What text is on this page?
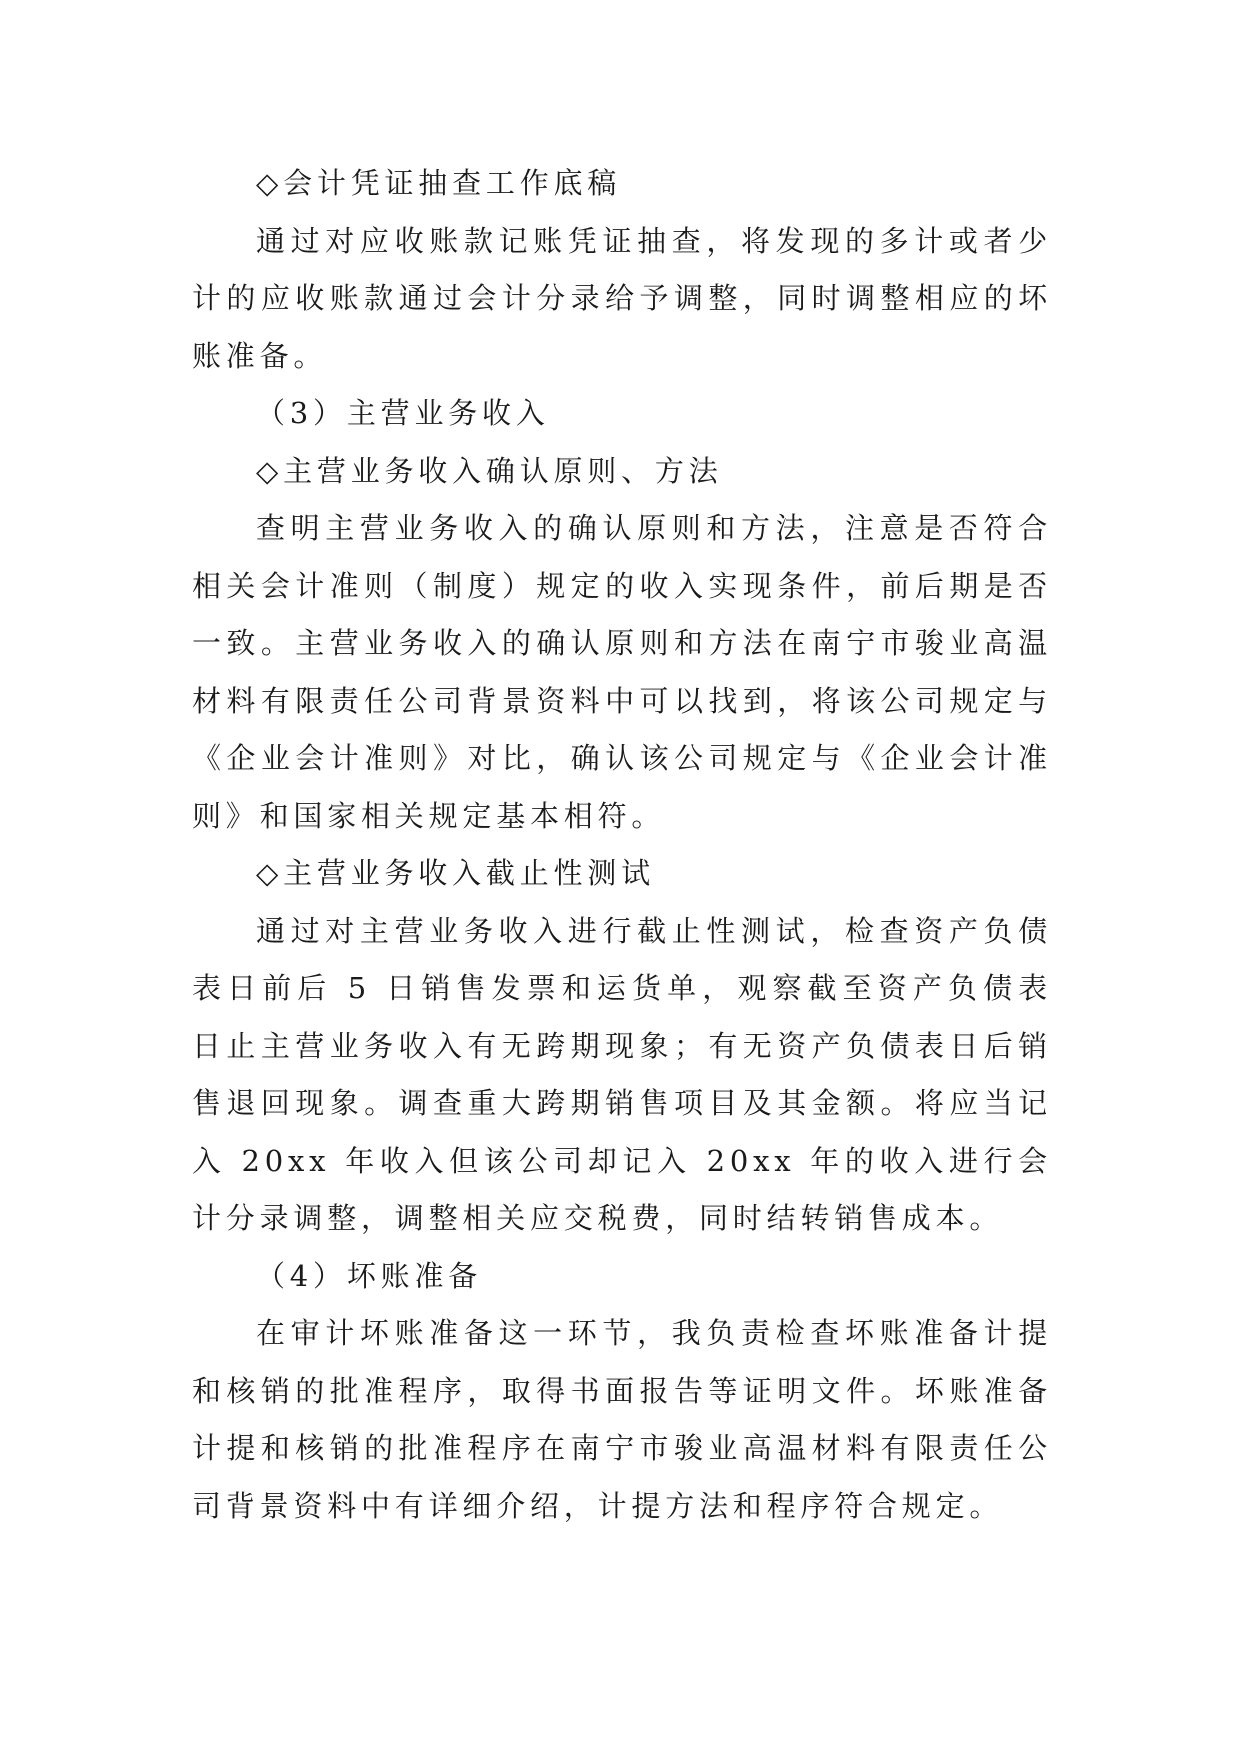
◇会计凭证抽查工作底稿

通过对应收账款记账凭证抽查，将发现的多计或者少计的应收账款通过会计分录给予调整，同时调整相应的坏账准备。

（3）主营业务收入

◇主营业务收入确认原则、方法

查明主营业务收入的确认原则和方法，注意是否符合相关会计准则（制度）规定的收入实现条件，前后期是否一致。主营业务收入的确认原则和方法在南宁市骏业高温材料有限责任公司背景资料中可以找到，将该公司规定与《企业会计准则》对比，确认该公司规定与《企业会计准则》和国家相关规定基本相符。

◇主营业务收入截止性测试

通过对主营业务收入进行截止性测试，检查资产负债表日前后 5 日销售发票和运货单，观察截至资产负债表日止主营业务收入有无跨期现象；有无资产负债表日后销售退回现象。调查重大跨期销售项目及其金额。将应当记入 20xx 年收入但该公司却记入 20xx 年的收入进行会计分录调整，调整相关应交税费，同时结转销售成本。

（4）坏账准备

在审计坏账准备这一环节，我负责检查坏账准备计提和核销的批准程序，取得书面报告等证明文件。坏账准备计提和核销的批准程序在南宁市骏业高温材料有限责任公司背景资料中有详细介绍，计提方法和程序符合规定。
